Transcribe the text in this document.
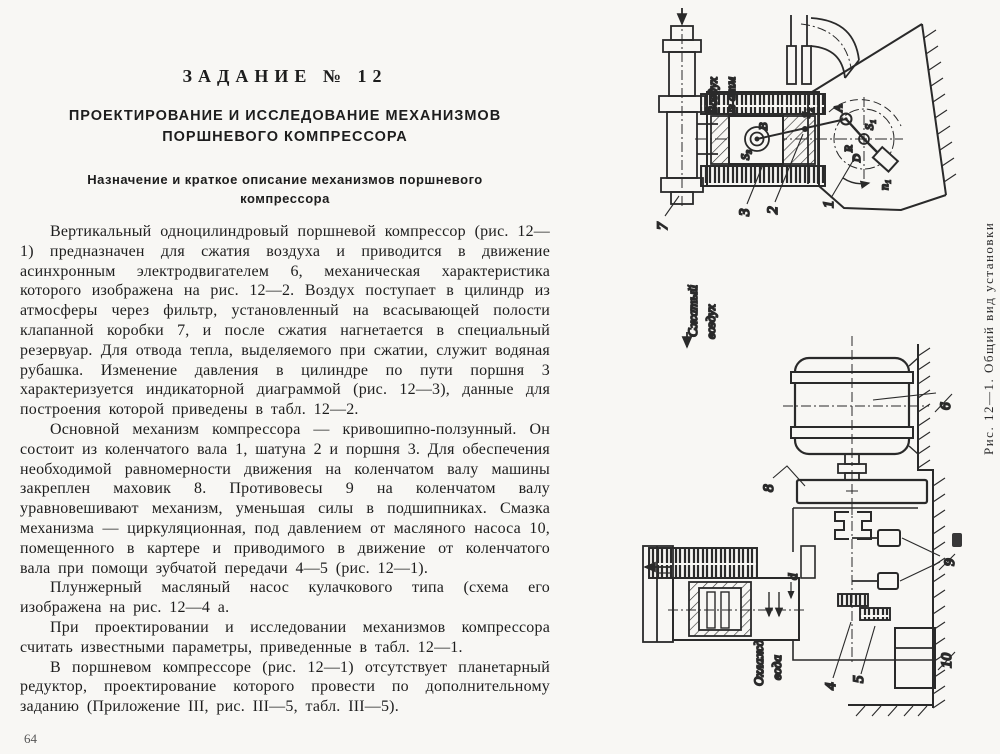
ЗАДАНИЕ № 12
ПРОЕКТИРОВАНИЕ И ИССЛЕДОВАНИЕ МЕХАНИЗМОВ ПОРШНЕВОГО КОМПРЕССОРА
Назначение и краткое описание механизмов поршневого компрессора

Вертикальный одноцилиндровый поршневой компрессор (рис. 12—1) предназначен для сжатия воздуха и приводится в движение асинхронным электродвигателем 6, механическая характеристика которого изображена на рис. 12—2. Воздух поступает в цилиндр из атмосферы через фильтр, установленный на всасывающей полости клапанной коробки 7, и после сжатия нагнетается в специальный резервуар. Для отвода тепла, выделяемого при сжатии, служит водяная рубашка. Изменение давления в цилиндре по пути поршня 3 характеризуется индикаторной диаграммой (рис. 12—3), данные для построения которой приведены в табл. 12—2.

Основной механизм компрессора — кривошипно-ползунный. Он состоит из коленчатого вала 1, шатуна 2 и поршня 3. Для обеспечения необходимой равномерности движения на коленчатом валу машины закреплен маховик 8. Противовесы 9 на коленчатом валу уравновешивают механизм, уменьшая силы в подшипниках. Смазка механизма — циркуляционная, под давлением от масляного насоса 10, помещенного в картере и приводимого в движение от коленчатого вала при помощи зубчатой передачи 4—5 (рис. 12—1).

Плунжерный масляный насос кулачкового типа (схема его изображена на рис. 12—4 а.

При проектировании и исследовании механизмов компрессора считать известными параметры, приведенные в табл. 12—1.

В поршневом компрессоре (рис. 12—1) отсутствует планетарный редуктор, проектирование которого провести по дополнительному заданию (Приложение III, рис. III—5, табл. III—5).

64
В
S₃
А
S₁
S₂
R
D
n₁
Сжатый воздух
7
3 2
1
6
8
9
4
5
10
d
Охлажд вода
Рис. 12—1. Общий вид установки
